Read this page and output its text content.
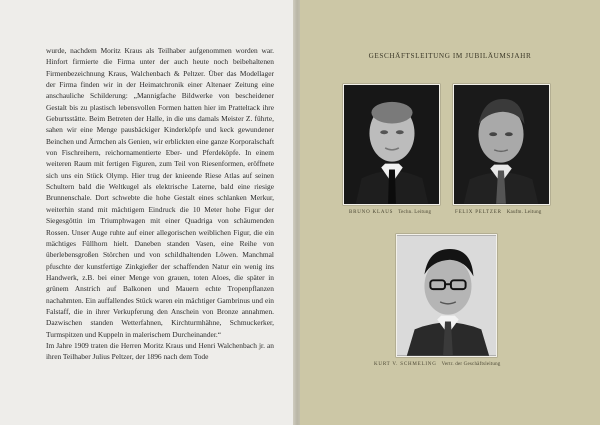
wurde, nachdem Moritz Kraus als Teilhaber aufgenommen worden war. Hinfort firmierte die Firma unter der auch heute noch beibehaltenen Firmenbezeichnung Kraus, Walchenbach & Peltzer. Über das Modellager der Firma finden wir in der Heimatchronik einer Altenaer Zeitung eine anschauliche Schilderung: „Mannigfache Bildwerke von bescheidener Gestalt bis zu plastisch lebensvollen Formen hatten hier im Pratteltack ihre Geburtsstätte. Beim Betreten der Halle, in die uns damals Meister Z. führte, sahen wir eine Menge pausbäckiger Kinderköpfe und keck gewundener Beinchen und Ärmchen als Genien, wir erblickten eine ganze Korporalschaft von Fischreihern, reichornamentierte Eber- und Pferdeköpfe. In einem weiteren Raum mit fertigen Figuren, zum Teil von Riesenformen, eröffnete sich uns ein Stück Olymp. Hier trug der knieende Riese Atlas auf seinen Schultern bald die Weltkugel als elektrische Laterne, bald eine riesige Brunnenschale. Dort schwebte die hohe Gestalt eines schlanken Merkur, weiterhin stand mit mächtigem Eindruck die 10 Meter hohe Figur der Siegesgöttin im Triumphwagen mit einer Quadriga von schäumenden Rossen. Unser Auge ruhte auf einer allegorischen weiblichen Figur, die ein mächtiges Füllhorn hielt. Daneben standen Vasen, eine Reihe von überlebensgroßen Störchen und von schildhaltenden Löwen. Manchmal pfuschte der kunstfertige Zinkgießer der schaffenden Natur ein wenig ins Handwerk, z.B. bei einer Menge von grauen, toten Aloes, die später in grünem Anstrich auf Balkonen und Mauern echte Tropenpflanzen nachahmten. Ein auffallendes Stück waren ein mächtiger Gambrinus und ein Falstaff, die in ihrer Verkupferung den Anschein von Bronze annahmen. Dazwischen standen Wetterfahnen, Kirchturmhähne, Schmuckerker, Turmspitzen und Kuppeln in malerischem Durcheinander.“

Im Jahre 1909 traten die Herren Moritz Kraus und Henri Walchenbach jr. an ihren Teilhaber Julius Peltzer, der 1896 nach dem Tode

GESCHÄFTSLEITUNG IM JUBILÄUMSJAHR
BRUNO KLAUS Techn. Leitung	FELIX PELTZER Kaufm. Leitung
KURT V. SCHMELING Vertr. der Geschäftsleitung
